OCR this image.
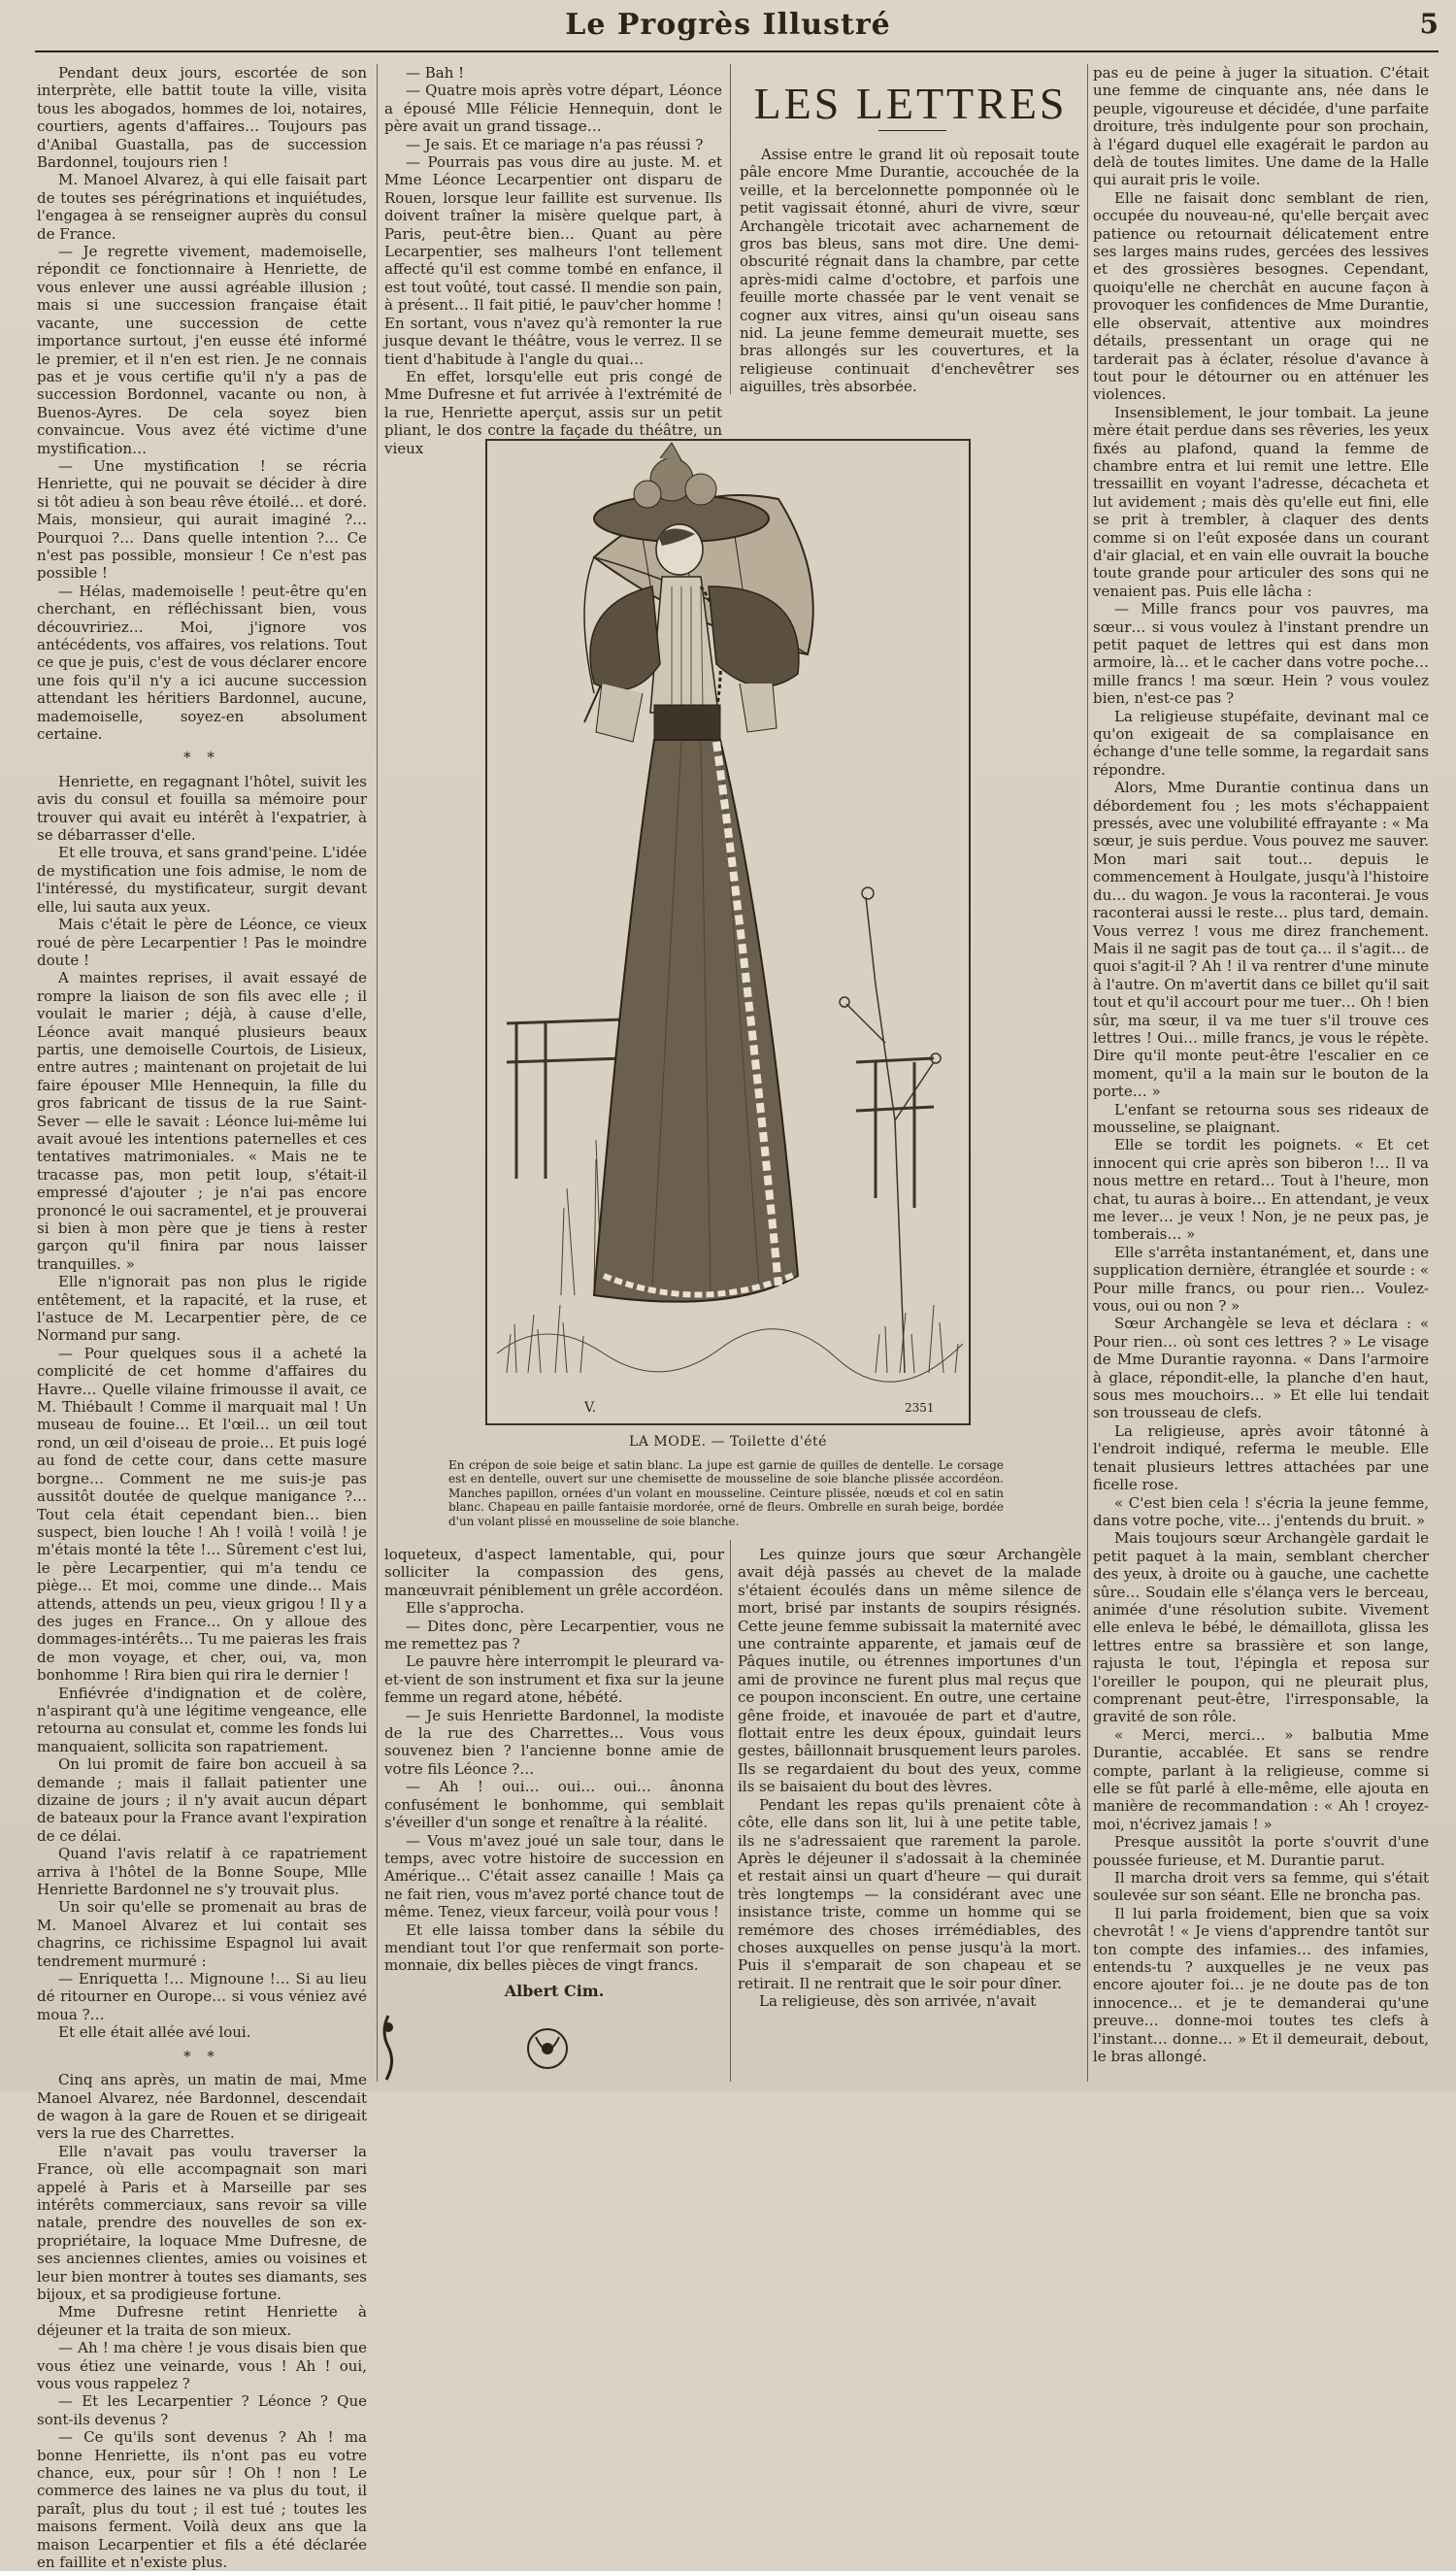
Le Progrès Illustré	5

Pendant deux jours, escortée de son interprète, elle battit toute la ville, visita tous les abogados, hommes de loi, notaires, courtiers, agents d'affaires… Toujours pas d'Anibal Guastalla, pas de succession Bardonnel, toujours rien !

M. Manoel Alvarez, à qui elle faisait part de toutes ses pérégrinations et inquiétudes, l'engagea à se renseigner auprès du consul de France.

— Je regrette vivement, mademoiselle, répondit ce fonctionnaire à Henriette, de vous enlever une aussi agréable illusion ; mais si une succession française était vacante, une succession de cette importance surtout, j'en eusse été informé le premier, et il n'en est rien. Je ne connais pas et je vous certifie qu'il n'y a pas de succession Bordonnel, vacante ou non, à Buenos-Ayres. De cela soyez bien convaincue. Vous avez été victime d'une mystification…

— Une mystification ! se récria Henriette, qui ne pouvait se décider à dire si tôt adieu à son beau rêve étoilé… et doré. Mais, monsieur, qui aurait imaginé ?… Pourquoi ?… Dans quelle intention ?… Ce n'est pas possible, monsieur ! Ce n'est pas possible !

— Hélas, mademoiselle ! peut-être qu'en cherchant, en réfléchissant bien, vous découvririez… Moi, j'ignore vos antécédents, vos affaires, vos relations. Tout ce que je puis, c'est de vous déclarer encore une fois qu'il n'y a ici aucune succession attendant les héritiers Bardonnel, aucune, mademoiselle, soyez-en absolument certaine.

* *

Henriette, en regagnant l'hôtel, suivit les avis du consul et fouilla sa mémoire pour trouver qui avait eu intérêt à l'expatrier, à se débarrasser d'elle.

Et elle trouva, et sans grand'peine. L'idée de mystification une fois admise, le nom de l'intéressé, du mystificateur, surgit devant elle, lui sauta aux yeux.

Mais c'était le père de Léonce, ce vieux roué de père Lecarpentier ! Pas le moindre doute !

A maintes reprises, il avait essayé de rompre la liaison de son fils avec elle ; il voulait le marier ; déjà, à cause d'elle, Léonce avait manqué plusieurs beaux partis, une demoiselle Courtois, de Lisieux, entre autres ; maintenant on projetait de lui faire épouser Mlle Hennequin, la fille du gros fabricant de tissus de la rue Saint-Sever — elle le savait : Léonce lui-même lui avait avoué les intentions paternelles et ces tentatives matrimoniales. « Mais ne te tracasse pas, mon petit loup, s'était-il empressé d'ajouter ; je n'ai pas encore prononcé le oui sacramentel, et je prouverai si bien à mon père que je tiens à rester garçon qu'il finira par nous laisser tranquilles. »

Elle n'ignorait pas non plus le rigide entêtement, et la rapacité, et la ruse, et l'astuce de M. Lecarpentier père, de ce Normand pur sang.

— Pour quelques sous il a acheté la complicité de cet homme d'affaires du Havre… Quelle vilaine frimousse il avait, ce M. Thiébault ! Comme il marquait mal ! Un museau de fouine… Et l'œil… un œil tout rond, un œil d'oiseau de proie… Et puis logé au fond de cette cour, dans cette masure borgne… Comment ne me suis-je pas aussitôt doutée de quelque manigance ?… Tout cela était cependant bien… bien suspect, bien louche ! Ah ! voilà ! voilà ! je m'étais monté la tête !… Sûrement c'est lui, le père Lecarpentier, qui m'a tendu ce piège… Et moi, comme une dinde… Mais attends, attends un peu, vieux grigou ! Il y a des juges en France… On y alloue des dommages-intérêts… Tu me paieras les frais de mon voyage, et cher, oui, va, mon bonhomme ! Rira bien qui rira le dernier !

Enfiévrée d'indignation et de colère, n'aspirant qu'à une légitime vengeance, elle retourna au consulat et, comme les fonds lui manquaient, sollicita son rapatriement.

On lui promit de faire bon accueil à sa demande ; mais il fallait patienter une dizaine de jours ; il n'y avait aucun départ de bateaux pour la France avant l'expiration de ce délai.

Quand l'avis relatif à ce rapatriement arriva à l'hôtel de la Bonne Soupe, Mlle Henriette Bardonnel ne s'y trouvait plus.

Un soir qu'elle se promenait au bras de M. Manoel Alvarez et lui contait ses chagrins, ce richissime Espagnol lui avait tendrement murmuré :

— Enriquetta !… Mignoune !… Si au lieu dé ritourner en Ourope… si vous véniez avé moua ?…

Et elle était allée avé loui.

* *

Cinq ans après, un matin de mai, Mme Manoel Alvarez, née Bardonnel, descendait de wagon à la gare de Rouen et se dirigeait vers la rue des Charrettes.

Elle n'avait pas voulu traverser la France, où elle accompagnait son mari appelé à Paris et à Marseille par ses intérêts commerciaux, sans revoir sa ville natale, prendre des nouvelles de son ex-propriétaire, la loquace Mme Dufresne, de ses anciennes clientes, amies ou voisines et leur bien montrer à toutes ses diamants, ses bijoux, et sa prodigieuse fortune.

Mme Dufresne retint Henriette à déjeuner et la traita de son mieux.

— Ah ! ma chère ! je vous disais bien que vous étiez une veinarde, vous ! Ah ! oui, vous vous rappelez ?

— Et les Lecarpentier ? Léonce ? Que sont-ils devenus ?

— Ce qu'ils sont devenus ? Ah ! ma bonne Henriette, ils n'ont pas eu votre chance, eux, pour sûr ! Oh ! non ! Le commerce des laines ne va plus du tout, il paraît, plus du tout ; il est tué ; toutes les maisons ferment. Voilà deux ans que la maison Lecarpentier et fils a été déclarée en faillite et n'existe plus.

— Bah !

— Quatre mois après votre départ, Léonce a épousé Mlle Félicie Hennequin, dont le père avait un grand tissage…

— Je sais. Et ce mariage n'a pas réussi ?

— Pourrais pas vous dire au juste. M. et Mme Léonce Lecarpentier ont disparu de Rouen, lorsque leur faillite est survenue. Ils doivent traîner la misère quelque part, à Paris, peut-être bien… Quant au père Lecarpentier, ses malheurs l'ont tellement affecté qu'il est comme tombé en enfance, il est tout voûté, tout cassé. Il mendie son pain, à présent… Il fait pitié, le pauv'cher homme ! En sortant, vous n'avez qu'à remonter la rue jusque devant le théâtre, vous le verrez. Il se tient d'habitude à l'angle du quai…

En effet, lorsqu'elle eut pris congé de Mme Dufresne et fut arrivée à l'extrémité de la rue, Henriette aperçut, assis sur un petit pliant, le dos contre la façade du théâtre, un vieux

LES LETTRES

Assise entre le grand lit où reposait toute pâle encore Mme Durantie, accouchée de la veille, et la bercelonnette pomponnée où le petit vagissait étonné, ahuri de vivre, sœur Archangèle tricotait avec acharnement de gros bas bleus, sans mot dire. Une demi-obscurité régnait dans la chambre, par cette après-midi calme d'octobre, et parfois une feuille morte chassée par le vent venait se cogner aux vitres, ainsi qu'un oiseau sans nid. La jeune femme demeurait muette, ses bras allongés sur les couvertures, et la religieuse continuait d'enchevêtrer ses aiguilles, très absorbée.

pas eu de peine à juger la situation. C'était une femme de cinquante ans, née dans le peuple, vigoureuse et décidée, d'une parfaite droiture, très indulgente pour son prochain, à l'égard duquel elle exagérait le pardon au delà de toutes limites. Une dame de la Halle qui aurait pris le voile.

Elle ne faisait donc semblant de rien, occupée du nouveau-né, qu'elle berçait avec patience ou retournait délicatement entre ses larges mains rudes, gercées des lessives et des grossières besognes. Cependant, quoiqu'elle ne cherchât en aucune façon à provoquer les confidences de Mme Durantie, elle observait, attentive aux moindres détails, pressentant un orage qui ne tarderait pas à éclater, résolue d'avance à tout pour le détourner ou en atténuer les violences.

Insensiblement, le jour tombait. La jeune mère était perdue dans ses rêveries, les yeux fixés au plafond, quand la femme de chambre entra et lui remit une lettre. Elle tressaillit en voyant l'adresse, décacheta et lut avidement ; mais dès qu'elle eut fini, elle se prit à trembler, à claquer des dents comme si on l'eût exposée dans un courant d'air glacial, et en vain elle ouvrait la bouche toute grande pour articuler des sons qui ne venaient pas. Puis elle lâcha :

— Mille francs pour vos pauvres, ma sœur… si vous voulez à l'instant prendre un petit paquet de lettres qui est dans mon armoire, là… et le cacher dans votre poche… mille francs ! ma sœur. Hein ? vous voulez bien, n'est-ce pas ?

La religieuse stupéfaite, devinant mal ce qu'on exigeait de sa complaisance en échange d'une telle somme, la regardait sans répondre.

Alors, Mme Durantie continua dans un débordement fou ; les mots s'échappaient pressés, avec une volubilité effrayante : « Ma sœur, je suis perdue. Vous pouvez me sauver. Mon mari sait tout… depuis le commencement à Houlgate, jusqu'à l'histoire du… du wagon. Je vous la raconterai. Je vous raconterai aussi le reste… plus tard, demain. Vous verrez ! vous me direz franchement. Mais il ne sagit pas de tout ça… il s'agit… de quoi s'agit-il ? Ah ! il va rentrer d'une minute à l'autre. On m'avertit dans ce billet qu'il sait tout et qu'il accourt pour me tuer… Oh ! bien sûr, ma sœur, il va me tuer s'il trouve ces lettres ! Oui… mille francs, je vous le répète. Dire qu'il monte peut-être l'escalier en ce moment, qu'il a la main sur le bouton de la porte… »

L'enfant se retourna sous ses rideaux de mousseline, se plaignant.

Elle se tordit les poignets. « Et cet innocent qui crie après son biberon !… Il va nous mettre en retard… Tout à l'heure, mon chat, tu auras à boire… En attendant, je veux me lever… je veux ! Non, je ne peux pas, je tomberais… »

Elle s'arrêta instantanément, et, dans une supplication dernière, étranglée et sourde : « Pour mille francs, ou pour rien… Voulez-vous, oui ou non ? »

Sœur Archangèle se leva et déclara : « Pour rien… où sont ces lettres ? » Le visage de Mme Durantie rayonna. « Dans l'armoire à glace, répondit-elle, la planche d'en haut, sous mes mouchoirs… » Et elle lui tendait son trousseau de clefs.

La religieuse, après avoir tâtonné à l'endroit indiqué, referma le meuble. Elle tenait plusieurs lettres attachées par une ficelle rose.

« C'est bien cela ! s'écria la jeune femme, dans votre poche, vite… j'entends du bruit. »

Mais toujours sœur Archangèle gardait le petit paquet à la main, semblant chercher des yeux, à droite ou à gauche, une cachette sûre… Soudain elle s'élança vers le berceau, animée d'une résolution subite. Vivement elle enleva le bébé, le démaillota, glissa les lettres entre sa brassière et son lange, rajusta le tout, l'épingla et reposa sur l'oreiller le poupon, qui ne pleurait plus, comprenant peut-être, l'irresponsable, la gravité de son rôle.

« Merci, merci… » balbutia Mme Durantie, accablée. Et sans se rendre compte, parlant à la religieuse, comme si elle se fût parlé à elle-même, elle ajouta en manière de recommandation : « Ah ! croyez-moi, n'écrivez jamais ! »

Presque aussitôt la porte s'ouvrit d'une poussée furieuse, et M. Durantie parut.

Il marcha droit vers sa femme, qui s'était soulevée sur son séant. Elle ne broncha pas.

Il lui parla froidement, bien que sa voix chevrotât ! « Je viens d'apprendre tantôt sur ton compte des infamies… des infamies, entends-tu ? auxquelles je ne veux pas encore ajouter foi… je ne doute pas de ton innocence… et je te demanderai qu'une preuve… donne-moi toutes tes clefs à l'instant… donne… » Et il demeurait, debout, le bras allongé.

V.	2351
LA MODE. — Toilette d'été
En crépon de soie beige et satin blanc. La jupe est garnie de quilles de dentelle. Le corsage est en dentelle, ouvert sur une chemisette de mousseline de soie blanche plissée accordéon. Manches papillon, ornées d'un volant en mousseline. Ceinture plissée, nœuds et col en satin blanc. Chapeau en paille fantaisie mordorée, orné de fleurs. Ombrelle en surah beige, bordée d'un volant plissé en mousseline de soie blanche.

loqueteux, d'aspect lamentable, qui, pour solliciter la compassion des gens, manœuvrait péniblement un grêle accordéon.

Elle s'approcha.

— Dites donc, père Lecarpentier, vous ne me remettez pas ?

Le pauvre hère interrompit le pleurard va-et-vient de son instrument et fixa sur la jeune femme un regard atone, hébété.

— Je suis Henriette Bardonnel, la modiste de la rue des Charrettes… Vous vous souvenez bien ? l'ancienne bonne amie de votre fils Léonce ?…

— Ah ! oui… oui… oui… ânonna confusément le bonhomme, qui semblait s'éveiller d'un songe et renaître à la réalité.

— Vous m'avez joué un sale tour, dans le temps, avec votre histoire de succession en Amérique… C'était assez canaille ! Mais ça ne fait rien, vous m'avez porté chance tout de même. Tenez, vieux farceur, voilà pour vous !

Et elle laissa tomber dans la sébile du mendiant tout l'or que renfermait son porte-monnaie, dix belles pièces de vingt francs.

Albert Cim.

Les quinze jours que sœur Archangèle avait déjà passés au chevet de la malade s'étaient écoulés dans un même silence de mort, brisé par instants de soupirs résignés. Cette jeune femme subissait la maternité avec une contrainte apparente, et jamais œuf de Pâques inutile, ou étrennes importunes d'un ami de province ne furent plus mal reçus que ce poupon inconscient. En outre, une certaine gêne froide, et inavouée de part et d'autre, flottait entre les deux époux, guindait leurs gestes, bâillonnait brusquement leurs paroles. Ils se regardaient du bout des yeux, comme ils se baisaient du bout des lèvres.

Pendant les repas qu'ils prenaient côte à côte, elle dans son lit, lui à une petite table, ils ne s'adressaient que rarement la parole. Après le déjeuner il s'adossait à la cheminée et restait ainsi un quart d'heure — qui durait très longtemps — la considérant avec une insistance triste, comme un homme qui se remémore des choses irrémédiables, des choses auxquelles on pense jusqu'à la mort. Puis il s'emparait de son chapeau et se retirait. Il ne rentrait que le soir pour dîner.

La religieuse, dès son arrivée, n'avait
